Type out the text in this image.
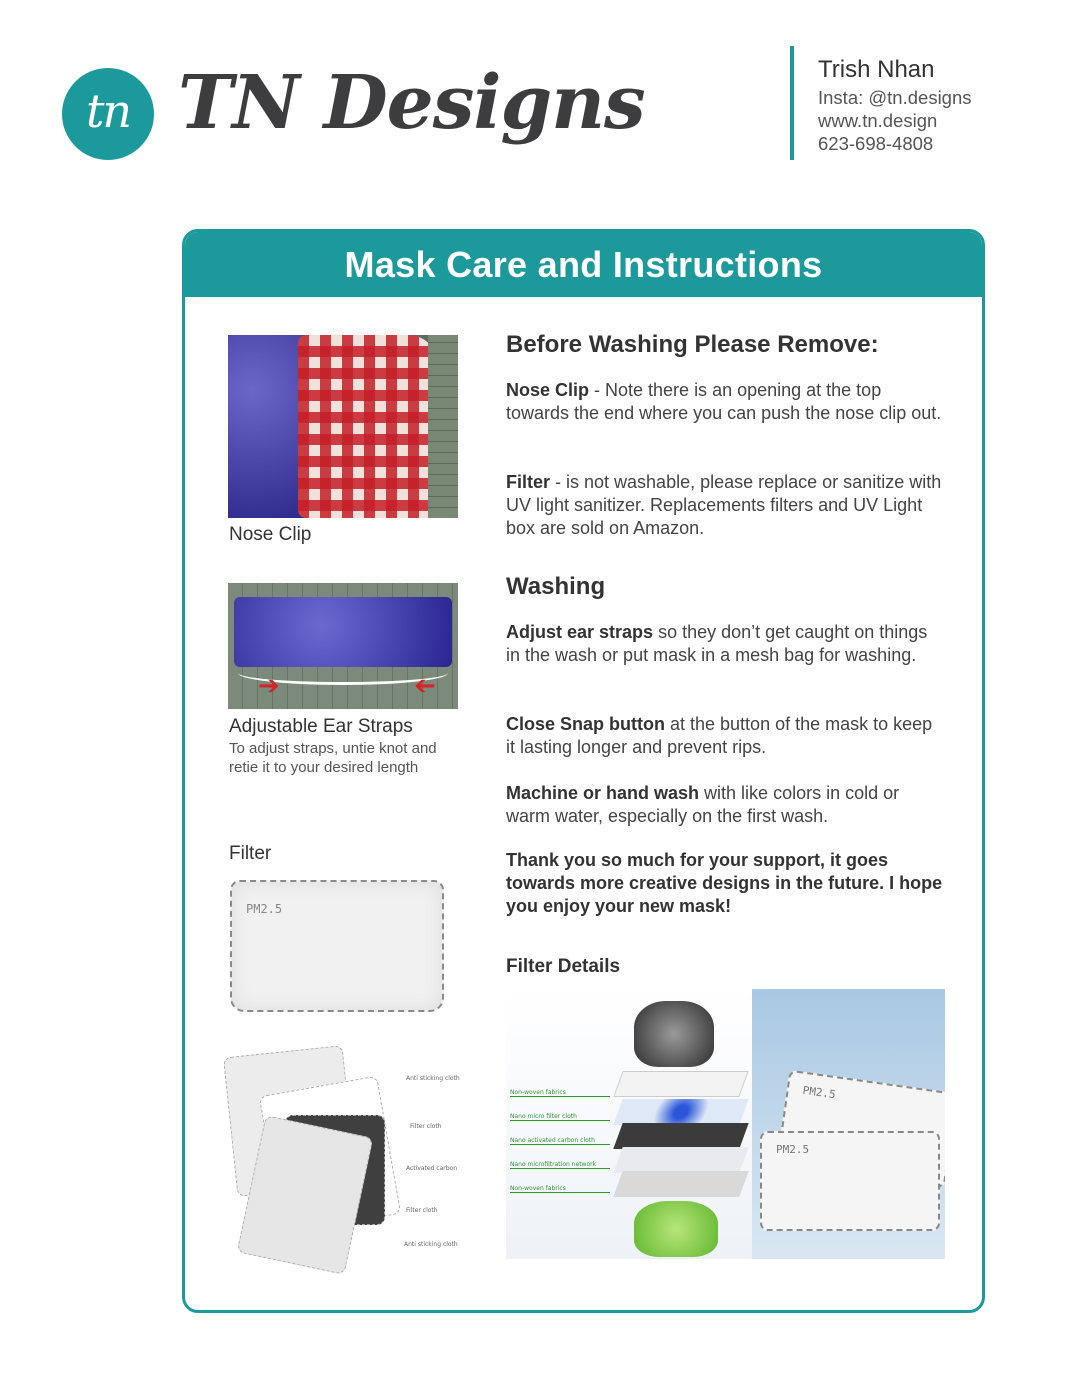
tn TN Designs	Trish Nhan
Insta: @tn.designs
www.tn.design
623-698-4808
Mask Care and Instructions
Nose Clip
➔	➔
Adjustable Ear Straps
To adjust straps, untie knot and
retie it to your desired length
Filter
PM2.5
Anti sticking cloth
Filter cloth
Activated carbon
Filter cloth
Anti sticking cloth
Before Washing Please Remove:
Nose Clip - Note there is an opening at the top towards the end where you can push the nose clip out.
Filter - is not washable, please replace or sanitize with UV light sanitizer. Replacements filters and UV Light box are sold on Amazon.
Washing
Adjust ear straps so they don’t get caught on things in the wash or put mask in a mesh bag for washing.
Close Snap button at the button of the mask to keep it lasting longer and prevent rips.
Machine or hand wash with like colors in cold or warm water, especially on the first wash.
Thank you so much for your support, it goes towards more creative designs in the future. I hope you enjoy your new mask!
Filter Details
Non-woven fabrics
Nano micro filter cloth
Nano activated carbon cloth
Nano microfiltration network
Non-woven fabrics
PM2.5
PM2.5
